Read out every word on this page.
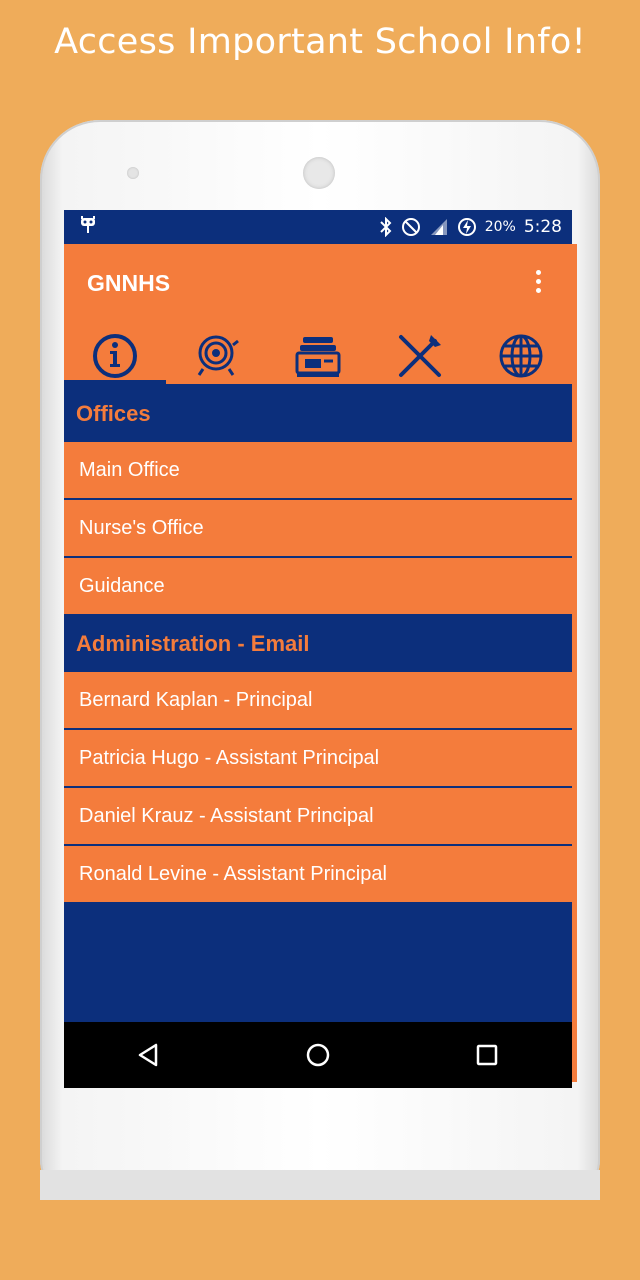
Access Important School Info!
20% 5:28
GNNHS
Offices
Main Office
Nurse's Office
Guidance
Administration - Email
Bernard Kaplan - Principal
Patricia Hugo - Assistant Principal
Daniel Krauz - Assistant Principal
Ronald Levine - Assistant Principal
